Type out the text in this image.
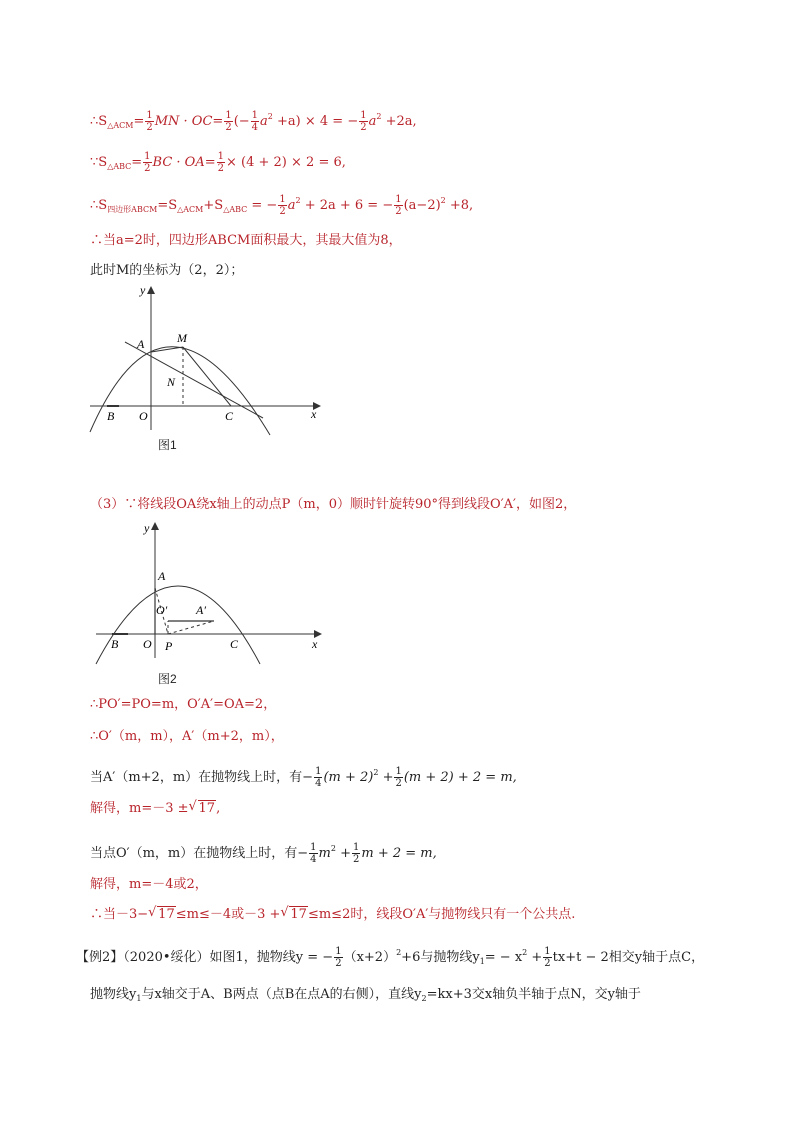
$\therefore S_{\triangle ACM}= \frac{1}{2}$ MN · $OC= \frac{1}{2}$ (− $\frac{1}{4} a^2 +a) \times 4$ = − $\frac{1}{2} a^2 +2a$,
$\because S_{\triangle ABC}= \frac{1}{2}$ BC · $OA= \frac{1}{2} \times (4 + 2) \times 2 = 6$,
$\therefore S_{四边形ABCM}=S_{\triangle ACM}+S_{\triangle ABC}$ = − $\frac{1}{2} a^2 + 2a + 6$ = − $\frac{1}{2} (a-2)^2 +8$,
∴当a=2时，四边形ABCM面积最大，其最大值为8，
此时M的坐标为（2，2）；
y
x
A	M
N
B O	C
图1
（3）∵将线段OA绕x轴上的动点P（m，0）顺时针旋转90°得到线段O′A′，如图2，
y
x
A
O′ A′
B O P	C
图2
∴PO′=PO=m，O′A′=OA=2，
∴O′（m，m），A′（m+2，m），
当A′（m+2，m）在抛物线上时，有− $\frac{1}{4} (m + 2)^2 + \frac{1}{2} (m + 2) + 2 = m$,
解得，m=－3 ± √ 17,
当点O′（m，m）在抛物线上时，有− $\frac{1}{4} m^2 + \frac{1}{2}$ m + 2 = m,
解得，m=－4或2，
∴当－3− √ 17≤m≤－4或－3 + √ 17≤m≤2时，线段O′A′与抛物线只有一个公共点.
【例2】（2020•绥化）如图1，抛物线y = − $\frac{1}{2} (x+2)^2+6$与抛物线$y_1= - x^2 + \frac{1}{2} tx+t - 2$相交y轴于点C，
抛物线$y_1$与x轴交于A、B两点（点B在点A的右侧），直线$y_2=kx+3$交x轴负半轴于点N，交y轴于
